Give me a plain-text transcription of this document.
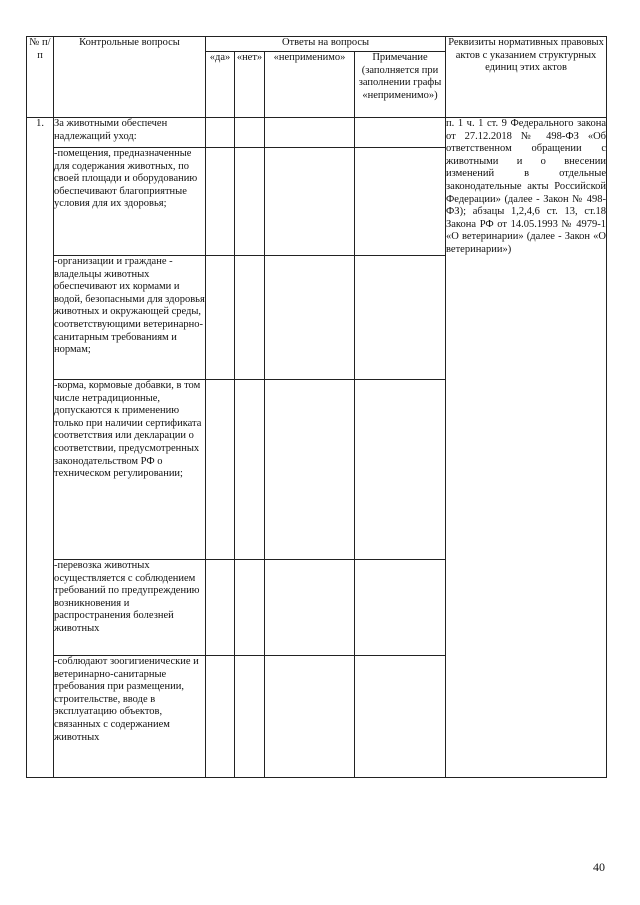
№ п/п	Контрольные вопросы	Ответы на вопросы				Реквизиты нормативных правовых актов с указанием структурных единиц этих актов
		«да»	«нет»	«неприменимо»	Примечание (заполняется при заполнении графы «неприменимо»)	
1.	За животными обеспечен надлежащий уход:					п. 1 ч. 1 ст. 9 Федерального закона от 27.12.2018 № 498-ФЗ «Об ответственном обращении с животными и о внесении изменений в отдельные законодательные акты Российской Федерации» (далее - Закон № 498-ФЗ); абзацы 1,2,4,6 ст. 13, ст.18 Закона РФ от 14.05.1993 № 4979-1 «О ветеринарии» (далее - Закон «О ветеринарии»)
	-помещения, предназначенные для содержания животных, по своей площади и оборудованию обеспечивают благоприятные условия для их здоровья;					
	-организации и граждане - владельцы животных обеспечивают их кормами и водой, безопасными для здоровья животных и окружающей среды, соответствующими ветеринарно-санитарным требованиям и нормам;					
	-корма, кормовые добавки, в том числе нетрадиционные, допускаются к применению только при наличии сертификата соответствия или декларации о соответствии, предусмотренных законодательством РФ о техническом регулировании;					
	-перевозка животных осуществляется с соблюдением требований по предупреждению возникновения и распространения болезней животных					
	-соблюдают зоогигиенические и ветеринарно-санитарные требования при размещении, строительстве, вводе в эксплуатацию объектов, связанных с содержанием животных					
40
